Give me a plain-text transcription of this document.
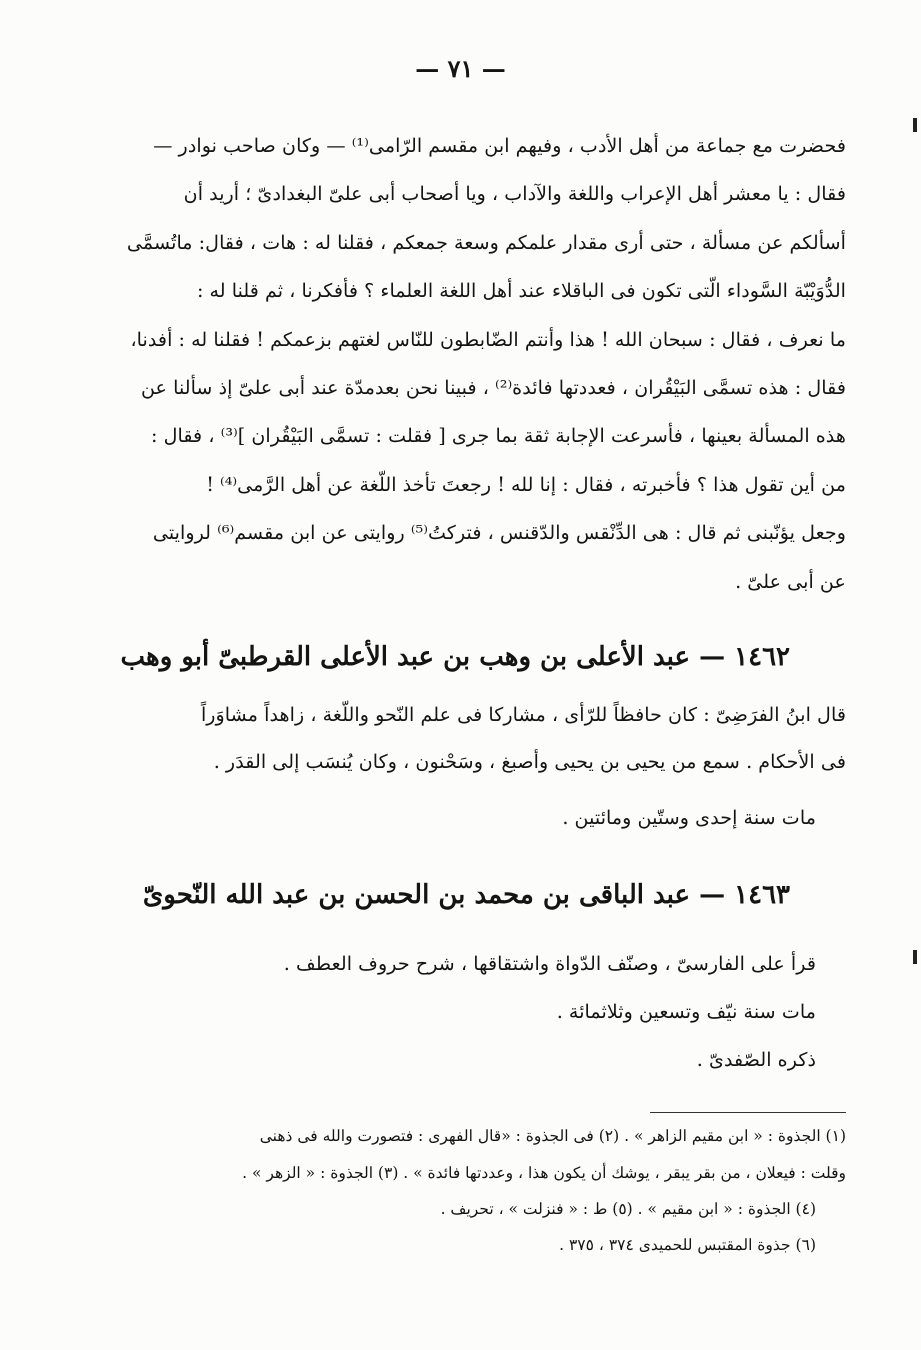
— ٧١ —
فحضرت مع جماعة من أهل الأدب ، وفيهم ابن مقسم الرّامى⁽¹⁾ — وكان صاحب نوادر —
فقال : يا معشر أهل الإعراب واللغة والآداب ، ويا أصحاب أبى علىّ البغدادىّ ؛ أريد أن
أسألكم عن مسألة ، حتى أرى مقدار علمكم وسعة جمعكم ، فقلنا له : هات ، فقال: ماتُسمَّى
الدُّوَيْبّة السَّوداء الّتى تكون فى الباقلاء عند أهل اللغة العلماء ؟ فأفكرنا ، ثم قلنا له :
ما نعرف ، فقال : سبحان الله ! هذا وأنتم الضّابطون للنّاس لغتهم بزعمكم ! فقلنا له : أفدنا،
فقال : هذه تسمَّى البَيْقُران ، فعددتها فائدة⁽²⁾ ، فبينا نحن بعدمدّة عند أبى علىّ إذ سألنا عن
هذه المسألة بعينها ، فأسرعت الإجابة ثقة بما جرى [ فقلت : تسمَّى البَيْقُران ]⁽³⁾ ، فقال :
من أين تقول هذا ؟ فأخبرته ، فقال : إنا لله ! رجعتَ تأخذ اللّغة عن أهل الرَّمى⁽⁴⁾ !
وجعل يؤنّبنى ثم قال : هى الدِّنْقس والدّقنس ، فتركتُ⁽⁵⁾ روايتى عن ابن مقسم⁽⁶⁾ لروايتى
عن أبى علىّ .
١٤٦٢ — عبد الأعلى بن وهب بن عبد الأعلى القرطبىّ أبو وهب
قال ابنُ الفرَضِىّ : كان حافظاً للرّأى ، مشاركا فى علم النّحو واللّغة ، زاهداً مشاوَراً
فى الأحكام . سمع من يحيى بن يحيى وأصبغ ، وسَحْنون ، وكان يُنسَب إلى القدَر .
مات سنة إحدى وستّين ومائتين .
١٤٦٣ — عبد الباقى بن محمد بن الحسن بن عبد الله النّحوىّ
قرأ على الفارسىّ ، وصنّف الدّواة واشتقاقها ، شرح حروف العطف .
مات سنة نيّف وتسعين وثلاثمائة .
ذكره الصّفدىّ .
(١) الجذوة : « ابن مقيم الزاهر » . (٢) فى الجذوة : «قال الفهرى : فتصورت والله فى ذهنى
وقلت : فيعلان ، من بقر يبقر ، يوشك أن يكون هذا ، وعددتها فائدة » . (٣) الجذوة : « الزهر » .
(٤) الجذوة : « ابن مقيم » . (٥) ط : « فنزلت » ، تحريف .
(٦) جذوة المقتبس للحميدى ٣٧٤ ، ٣٧٥ .
